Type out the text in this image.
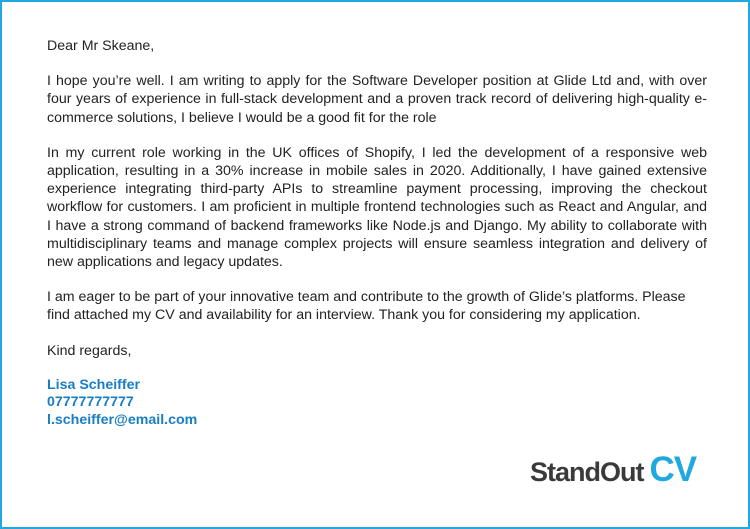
Dear Mr Skeane,

I hope you’re well. I am writing to apply for the Software Developer position at Glide Ltd and, with over four years of experience in full-stack development and a proven track record of delivering high-quality e-commerce solutions, I believe I would be a good fit for the role

In my current role working in the UK offices of Shopify, I led the development of a responsive web application, resulting in a 30% increase in mobile sales in 2020. Additionally, I have gained extensive experience integrating third-party APIs to streamline payment processing, improving the checkout workflow for customers. I am proficient in multiple frontend technologies such as React and Angular, and I have a strong command of backend frameworks like Node.js and Django. My ability to collaborate with multidisciplinary teams and manage complex projects will ensure seamless integration and delivery of new applications and legacy updates.

I am eager to be part of your innovative team and contribute to the growth of Glide’s platforms. Please find attached my CV and availability for an interview. Thank you for considering my application.

Kind regards,

Lisa Scheiffer

07777777777

l.scheiffer@email.com

StandOut CV
